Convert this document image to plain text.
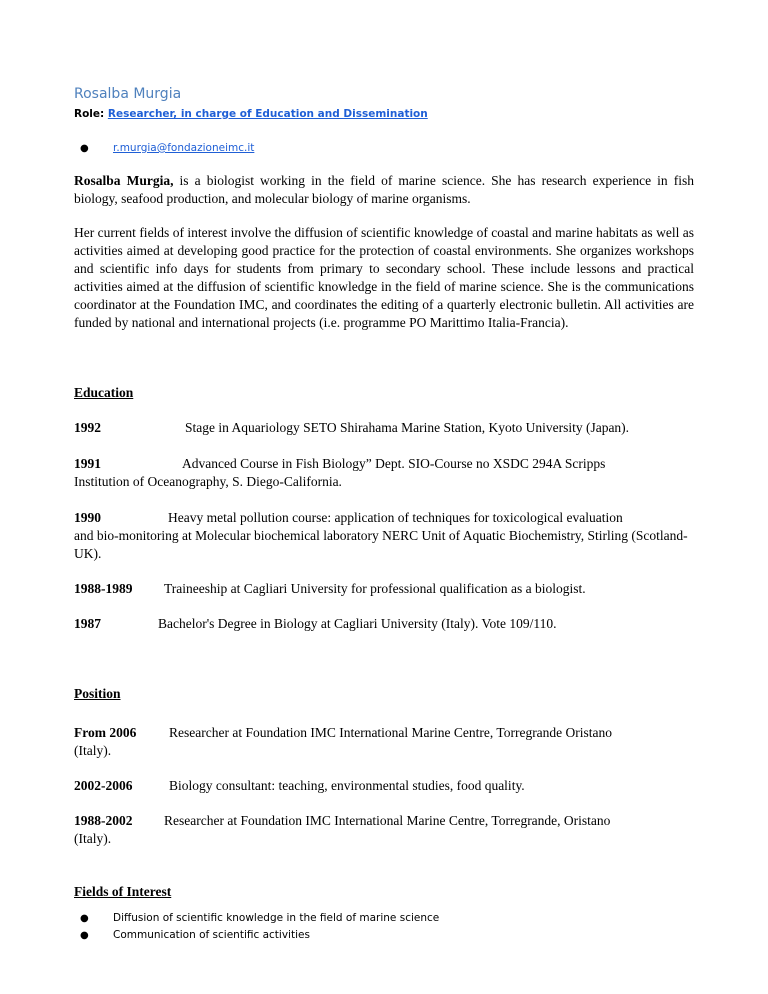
Rosalba Murgia
Role: Researcher, in charge of Education and Dissemination
● r.murgia@fondazioneimc.it

Rosalba Murgia, is a biologist working in the field of marine science. She has research experience in fish biology, seafood production, and molecular biology of marine organisms.

Her current fields of interest involve the diffusion of scientific knowledge of coastal and marine habitats as well as activities aimed at developing good practice for the protection of coastal environments. She organizes workshops and scientific info days for students from primary to secondary school. These include lessons and practical activities aimed at the diffusion of scientific knowledge in the field of marine science. She is the communications coordinator at the Foundation IMC, and coordinates the editing of a quarterly electronic bulletin. All activities are funded by national and international projects (i.e. programme PO Marittimo Italia-Francia).

Education

1992	Stage in Aquariology SETO Shirahama Marine Station, Kyoto University (Japan).
1991	Advanced Course in Fish Biology” Dept. SIO-Course no XSDC 294A Scripps
Institution of Oceanography, S. Diego-California.
1990	Heavy metal pollution course: application of techniques for toxicological evaluation
and bio-monitoring at Molecular biochemical laboratory NERC Unit of Aquatic Biochemistry, Stirling (Scotland-UK).
1988-1989 Traineeship at Cagliari University for professional qualification as a biologist.
1987	Bachelor's Degree in Biology at Cagliari University (Italy). Vote 109/110.

Position

From 2006 Researcher at Foundation IMC International Marine Centre, Torregrande Oristano
(Italy).
2002-2006	Biology consultant: teaching, environmental studies, food quality.
1988-2002 Researcher at Foundation IMC International Marine Centre, Torregrande, Oristano
(Italy).

Fields of Interest

● Diffusion of scientific knowledge in the field of marine science
● Communication of scientific activities
